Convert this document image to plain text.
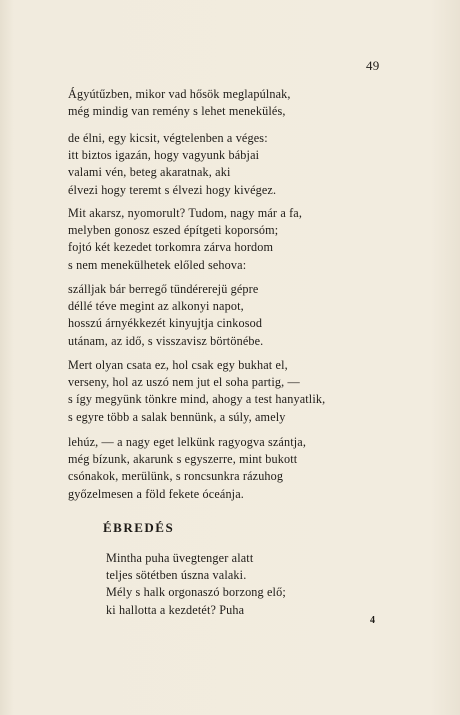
49
Ágyútűzben, mikor vad hősök meglapúlnak,
még mindig van remény s lehet menekülés,
de élni, egy kicsit, végtelenben a véges:
itt biztos igazán, hogy vagyunk bábjai
valami vén, beteg akaratnak, aki
élvezi hogy teremt s élvezi hogy kivégez.
Mit akarsz, nyomorult? Tudom, nagy már a fa,
melyben gonosz eszed építgeti koporsóm;
fojtó két kezedet torkomra zárva hordom
s nem menekülhetek előled sehova:
szálljak bár berregő tündérerejü gépre
déllé téve megint az alkonyi napot,
hosszú árnyékkezét kinyujtja cinkosod
utánam, az idő, s visszavisz börtönébe.
Mert olyan csata ez, hol csak egy bukhat el,
verseny, hol az uszó nem jut el soha partig, —
s így megyünk tönkre mind, ahogy a test hanyatlik,
s egyre több a salak bennünk, a súly, amely
lehúz, — a nagy eget lelkünk ragyogva szántja,
még bízunk, akarunk s egyszerre, mint bukott
csónakok, merülünk, s roncsunkra rázuhog
győzelmesen a föld fekete óceánja.
ÉBREDÉS
Mintha puha üvegtenger alatt
teljes sötétben úszna valaki.
Mély s halk orgonaszó borzong elő;
ki hallotta a kezdetét? Puha
4
